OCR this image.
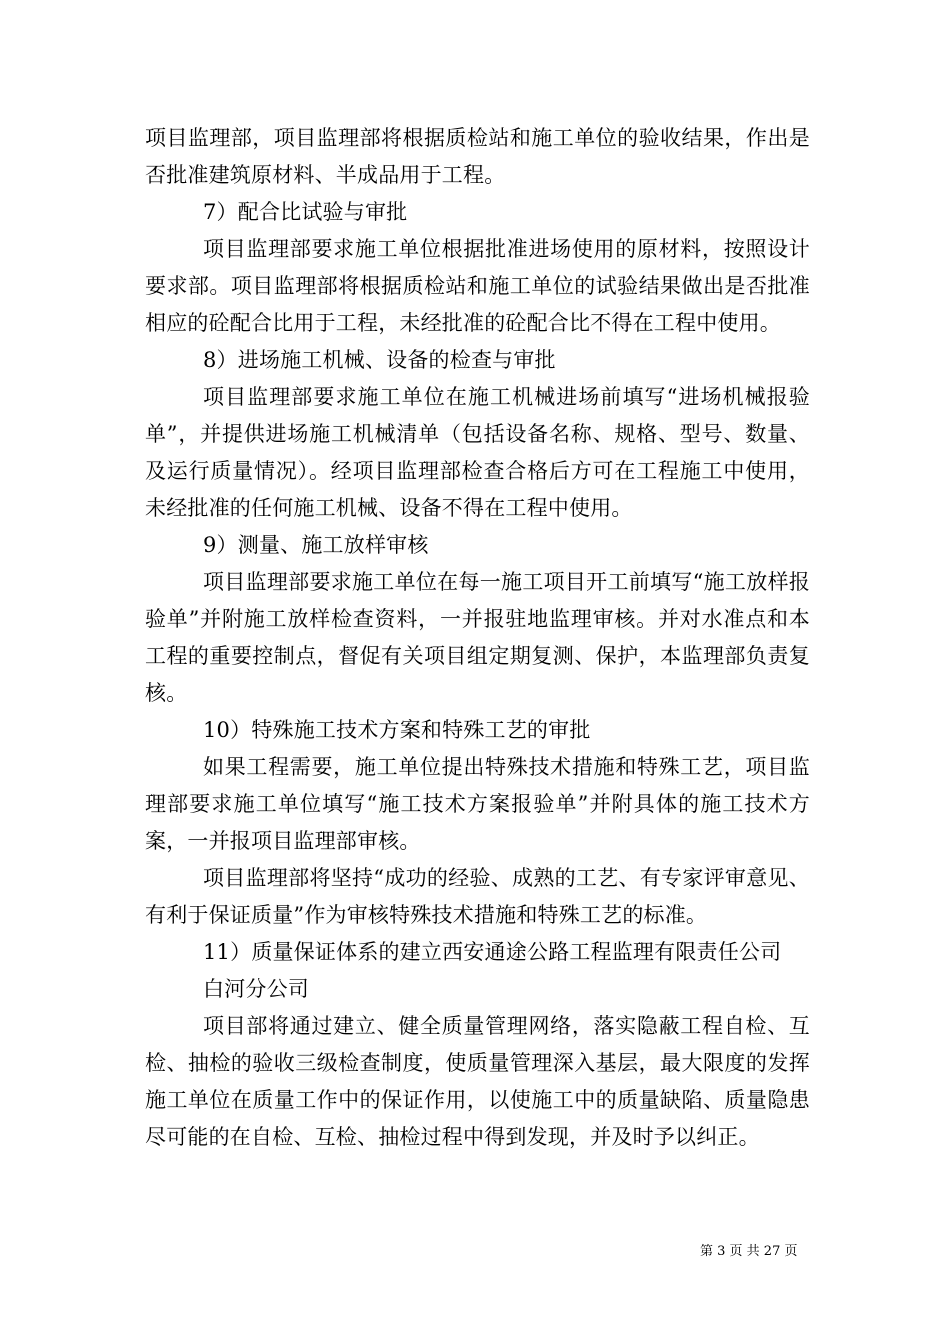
项目监理部，项目监理部将根据质检站和施工单位的验收结果，作出是否批准建筑原材料、半成品用于工程。

7）配合比试验与审批

项目监理部要求施工单位根据批准进场使用的原材料，按照设计要求部。项目监理部将根据质检站和施工单位的试验结果做出是否批准相应的砼配合比用于工程，未经批准的砼配合比不得在工程中使用。

8）进场施工机械、设备的检查与审批

项目监理部要求施工单位在施工机械进场前填写“进场机械报验单”，并提供进场施工机械清单（包括设备名称、规格、型号、数量、及运行质量情况）。经项目监理部检查合格后方可在工程施工中使用，未经批准的任何施工机械、设备不得在工程中使用。

9）测量、施工放样审核

项目监理部要求施工单位在每一施工项目开工前填写“施工放样报验单”并附施工放样检查资料，一并报驻地监理审核。并对水准点和本工程的重要控制点，督促有关项目组定期复测、保护，本监理部负责复核。

10）特殊施工技术方案和特殊工艺的审批

如果工程需要，施工单位提出特殊技术措施和特殊工艺，项目监理部要求施工单位填写“施工技术方案报验单”并附具体的施工技术方案，一并报项目监理部审核。

项目监理部将坚持“成功的经验、成熟的工艺、有专家评审意见、有利于保证质量”作为审核特殊技术措施和特殊工艺的标准。

11）质量保证体系的建立西安通途公路工程监理有限责任公司

白河分公司

项目部将通过建立、健全质量管理网络，落实隐蔽工程自检、互检、抽检的验收三级检查制度，使质量管理深入基层，最大限度的发挥施工单位在质量工作中的保证作用，以使施工中的质量缺陷、质量隐患尽可能的在自检、互检、抽检过程中得到发现，并及时予以纠正。

第 3 页 共 27 页
